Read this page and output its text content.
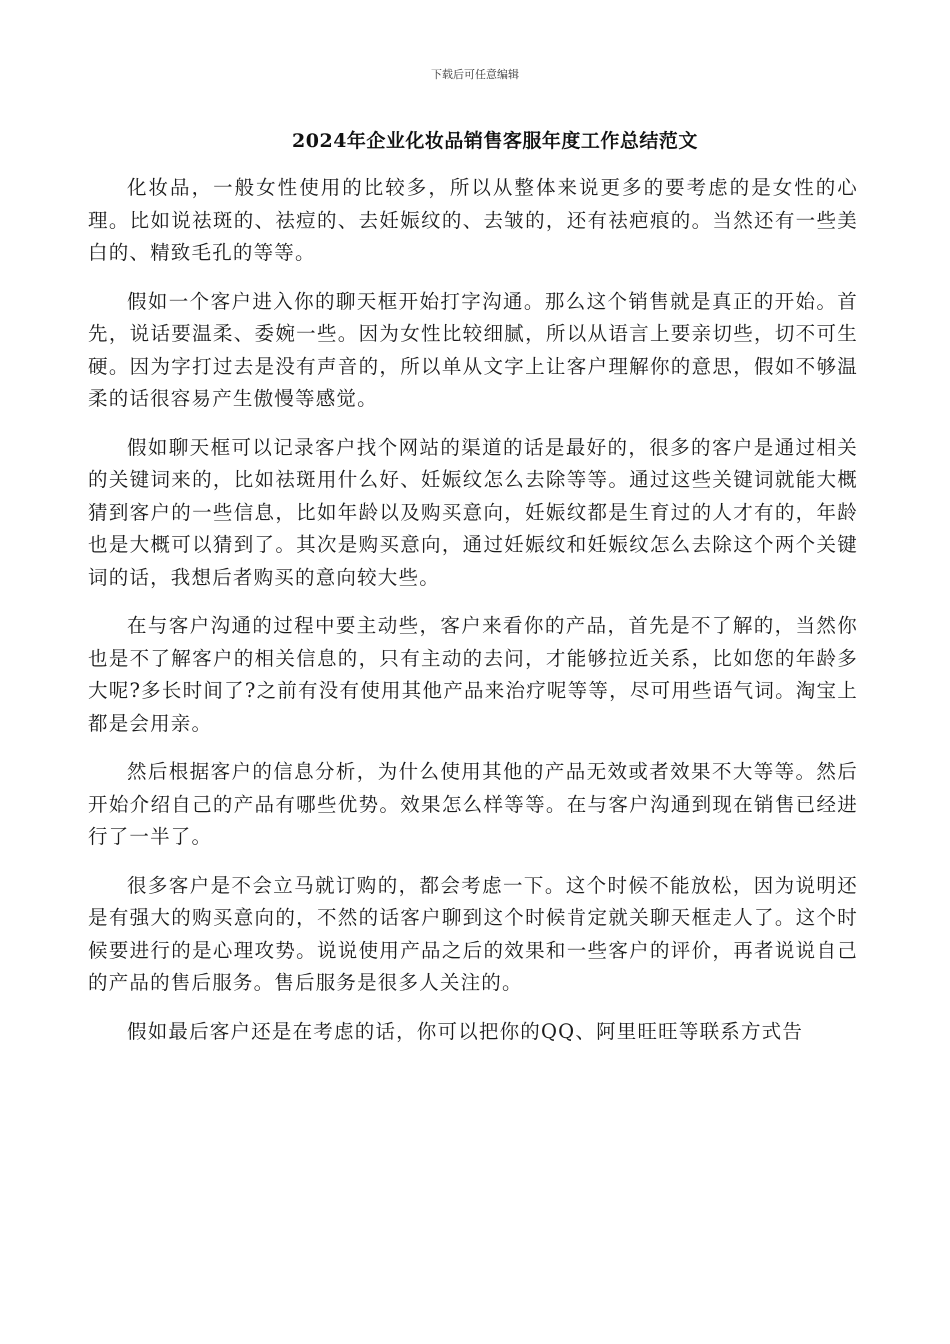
下载后可任意编辑
2024年企业化妆品销售客服年度工作总结范文

化妆品，一般女性使用的比较多，所以从整体来说更多的要考虑的是女性的心理。比如说祛斑的、祛痘的、去妊娠纹的、去皱的，还有祛疤痕的。当然还有一些美白的、精致毛孔的等等。

假如一个客户进入你的聊天框开始打字沟通。那么这个销售就是真正的开始。首先，说话要温柔、委婉一些。因为女性比较细腻，所以从语言上要亲切些，切不可生硬。因为字打过去是没有声音的，所以单从文字上让客户理解你的意思，假如不够温柔的话很容易产生傲慢等感觉。

假如聊天框可以记录客户找个网站的渠道的话是最好的，很多的客户是通过相关的关键词来的，比如祛斑用什么好、妊娠纹怎么去除等等。通过这些关键词就能大概猜到客户的一些信息，比如年龄以及购买意向，妊娠纹都是生育过的人才有的，年龄也是大概可以猜到了。其次是购买意向，通过妊娠纹和妊娠纹怎么去除这个两个关键词的话，我想后者购买的意向较大些。

在与客户沟通的过程中要主动些，客户来看你的产品，首先是不了解的，当然你也是不了解客户的相关信息的，只有主动的去问，才能够拉近关系，比如您的年龄多大呢?多长时间了?之前有没有使用其他产品来治疗呢等等，尽可用些语气词。淘宝上都是会用亲。

然后根据客户的信息分析，为什么使用其他的产品无效或者效果不大等等。然后开始介绍自己的产品有哪些优势。效果怎么样等等。在与客户沟通到现在销售已经进行了一半了。

很多客户是不会立马就订购的，都会考虑一下。这个时候不能放松，因为说明还是有强大的购买意向的，不然的话客户聊到这个时候肯定就关聊天框走人了。这个时候要进行的是心理攻势。说说使用产品之后的效果和一些客户的评价，再者说说自己的产品的售后服务。售后服务是很多人关注的。

假如最后客户还是在考虑的话，你可以把你的QQ、阿里旺旺等联系方式告
